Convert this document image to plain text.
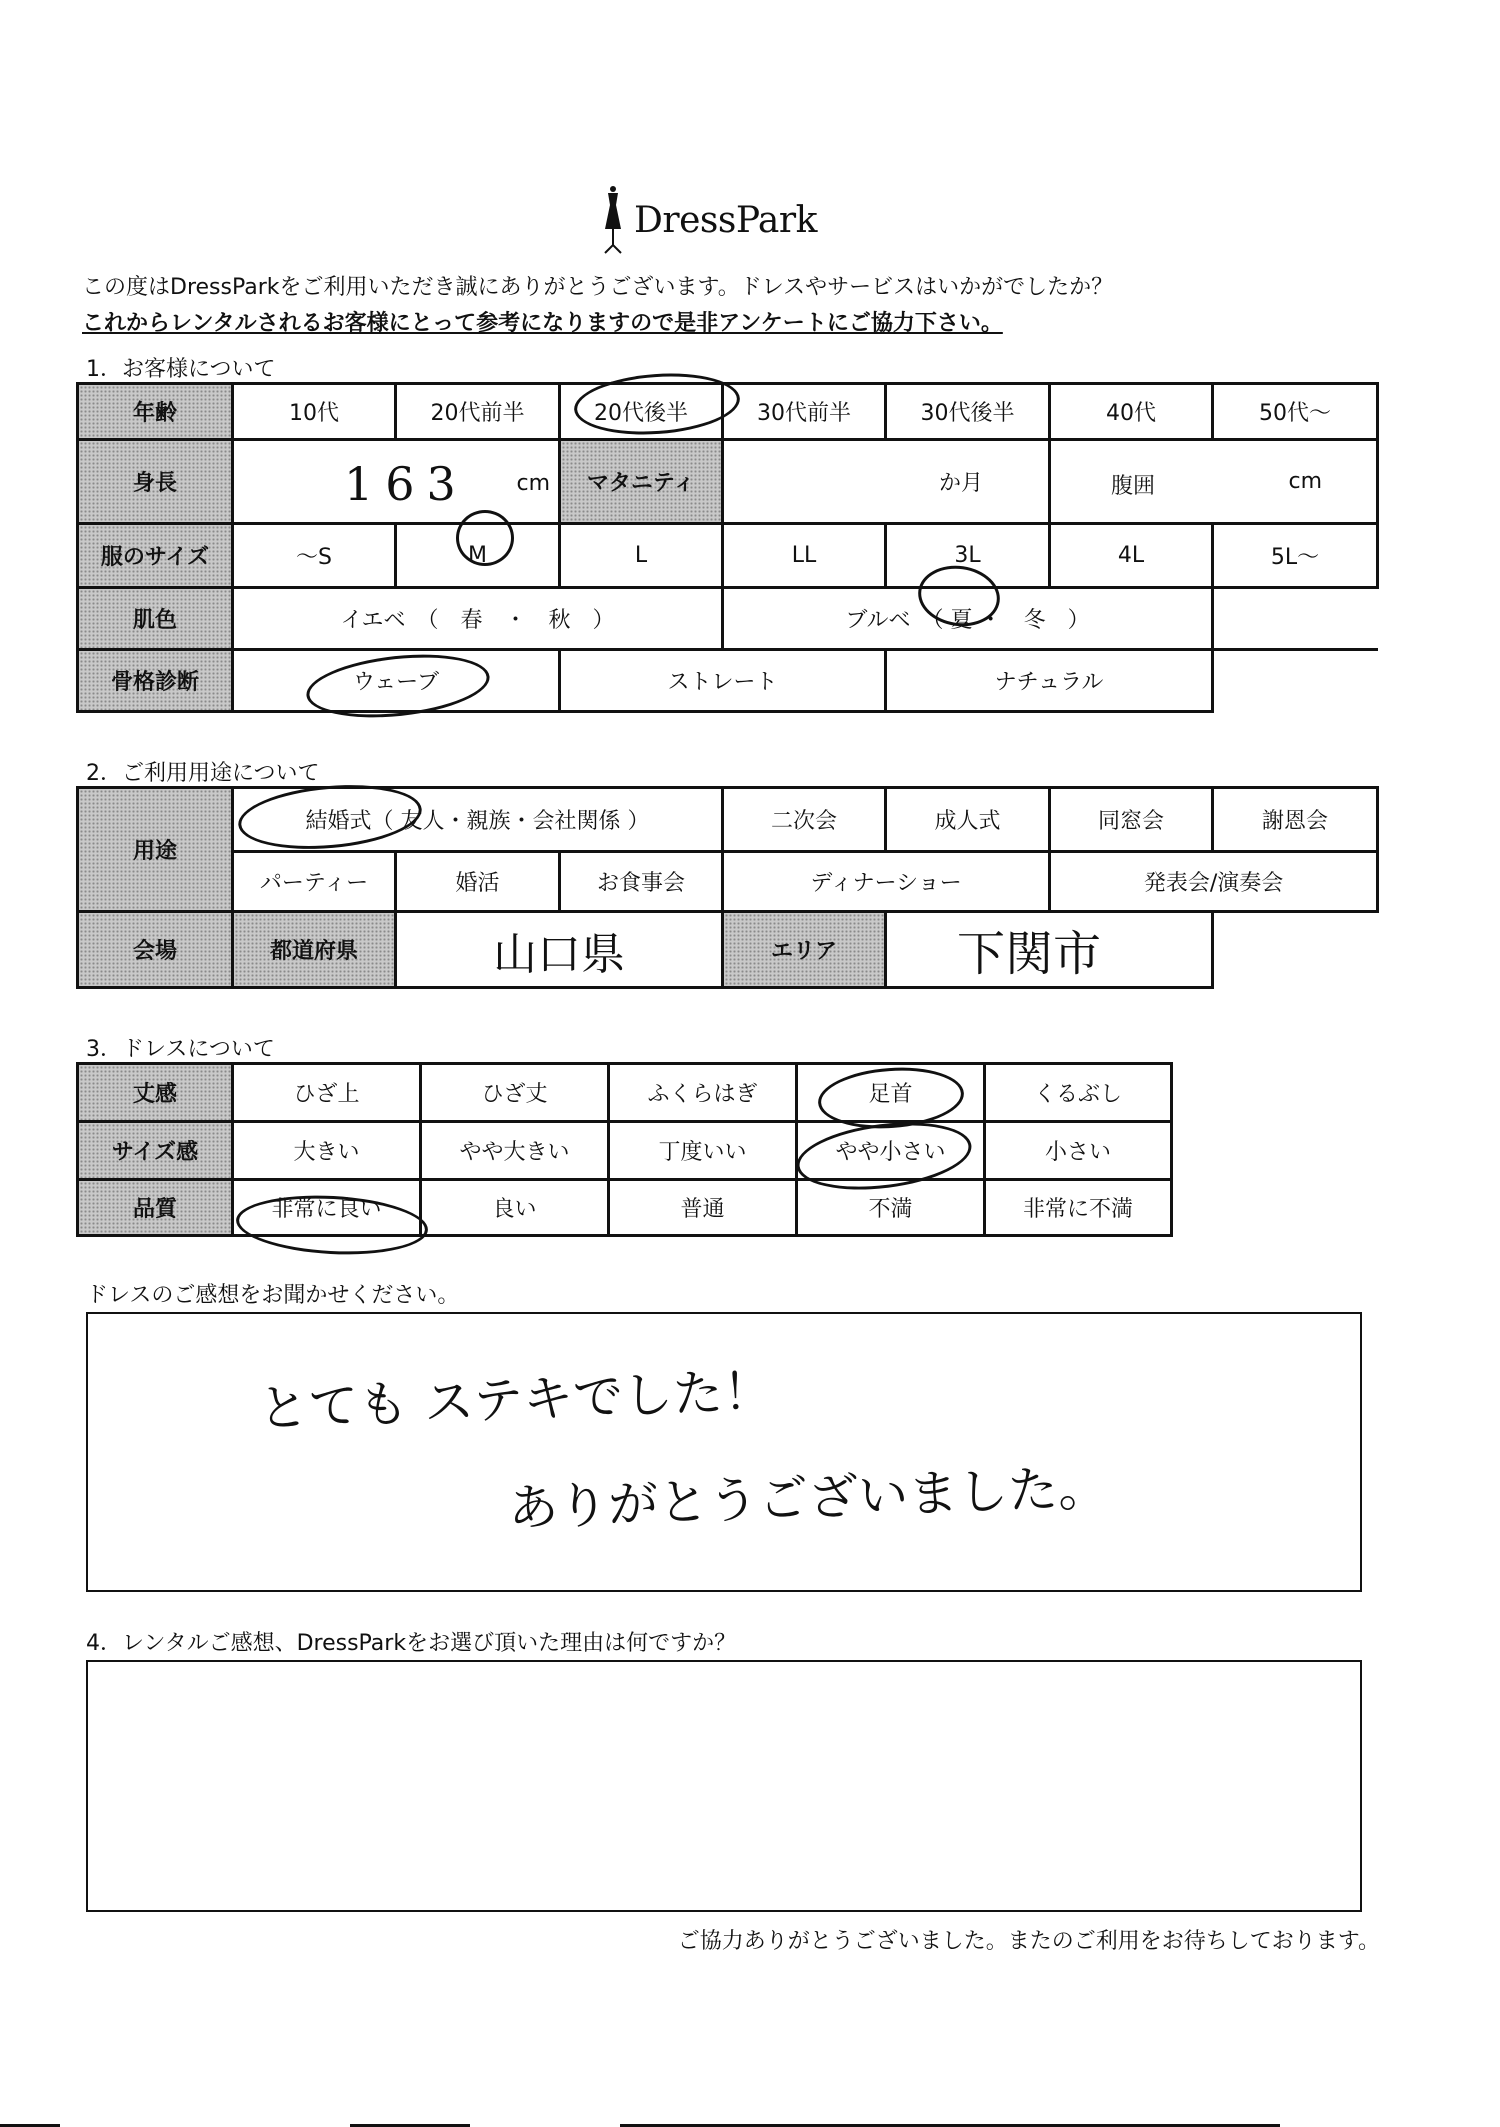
DressPark
この度はDressParkをご利用いただき誠にありがとうございます。ドレスやサービスはいかがでしたか？
これからレンタルされるお客様にとって参考になりますので是非アンケートにご協力下さい。
1．お客様について
年齢	10代	20代前半	20代後半	30代前半	30代後半	40代	50代～
身長	163 cm		マタニティ	か月		腹囲 cm	

服のサイズ	～S	M	L	LL	3L	4L	5L～
肌色	イエベ　（　春　・　秋　）			ブルベ　（ 夏 ・　冬　）			
骨格診断	ウェーブ		ストレート		ナチュラル		
2．ご利用用途について
用途	結婚式（ 友人・親族・会社関係 ）			二次会	成人式	同窓会	謝恩会
	パーティー	婚活	お食事会	ディナーショー		発表会/演奏会	
会場	都道府県	山口県		エリア	下関市		
3．ドレスについて
丈感	ひざ上	ひざ丈	ふくらはぎ	足首	くるぶし
サイズ感	大きい	やや大きい	丁度いい	やや小さい	小さい
品質	非常に良い	良い	普通	不満	非常に不満
ドレスのご感想をお聞かせください。
とても ステキでした！
ありがとうございました。
4．レンタルご感想、DressParkをお選び頂いた理由は何ですか？
ご協力ありがとうございました。またのご利用をお待ちしております。
